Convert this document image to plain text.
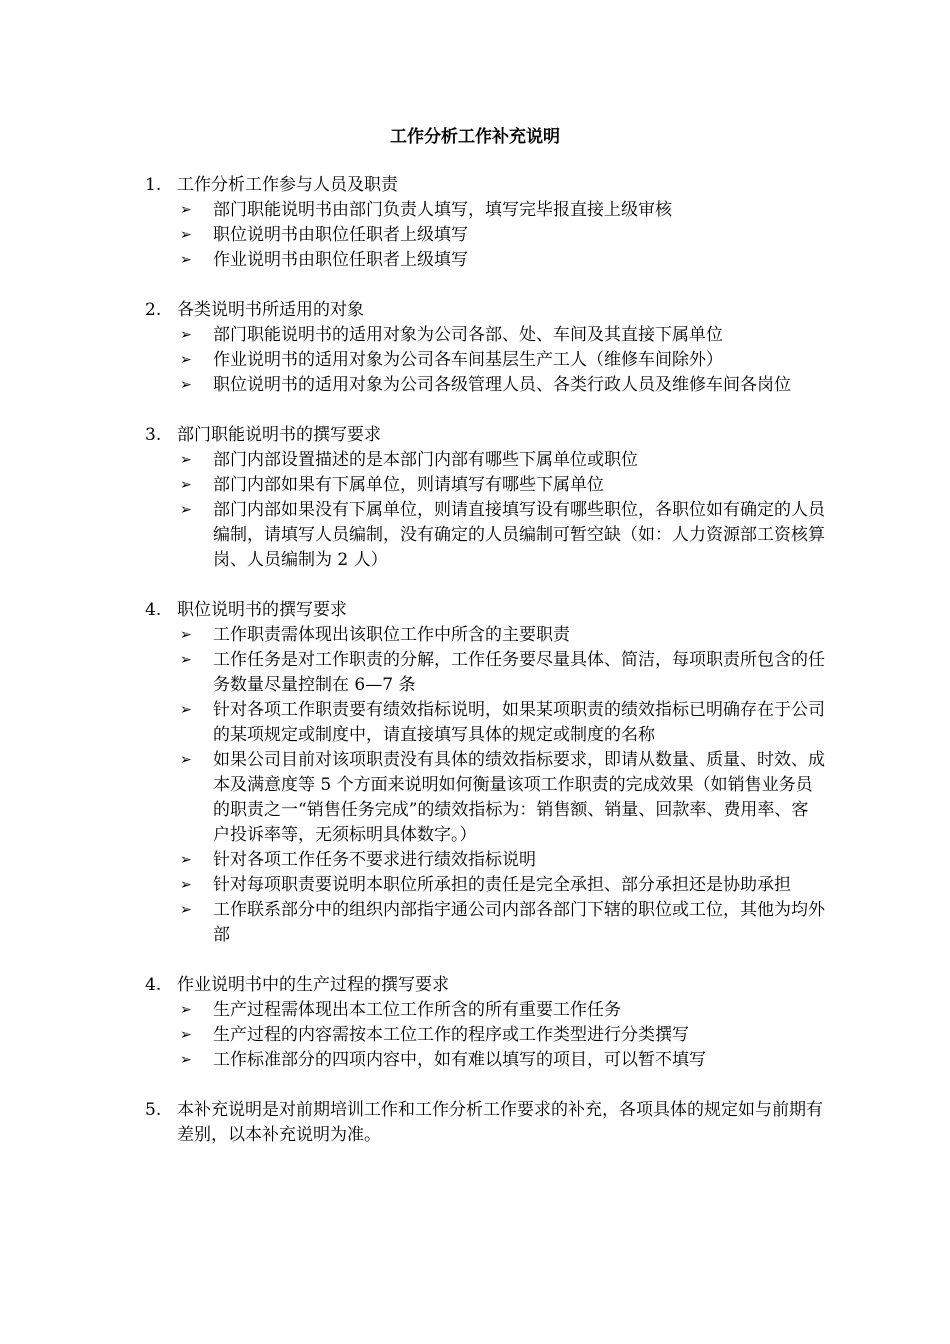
工作分析工作补充说明
1. 工作分析工作参与人员及职责
➢ 部门职能说明书由部门负责人填写，填写完毕报直接上级审核
➢ 职位说明书由职位任职者上级填写
➢ 作业说明书由职位任职者上级填写
2. 各类说明书所适用的对象
➢ 部门职能说明书的适用对象为公司各部、处、车间及其直接下属单位
➢ 作业说明书的适用对象为公司各车间基层生产工人（维修车间除外）
➢ 职位说明书的适用对象为公司各级管理人员、各类行政人员及维修车间各岗位
3. 部门职能说明书的撰写要求
➢ 部门内部设置描述的是本部门内部有哪些下属单位或职位
➢ 部门内部如果有下属单位，则请填写有哪些下属单位
➢ 部门内部如果没有下属单位，则请直接填写设有哪些职位，各职位如有确定的人员编制，请填写人员编制，没有确定的人员编制可暂空缺（如：人力资源部工资核算岗、人员编制为 2 人）
4. 职位说明书的撰写要求
➢ 工作职责需体现出该职位工作中所含的主要职责
➢ 工作任务是对工作职责的分解，工作任务要尽量具体、简洁，每项职责所包含的任务数量尽量控制在 6—7 条
➢ 针对各项工作职责要有绩效指标说明，如果某项职责的绩效指标已明确存在于公司的某项规定或制度中，请直接填写具体的规定或制度的名称
➢ 如果公司目前对该项职责没有具体的绩效指标要求，即请从数量、质量、时效、成本及满意度等 5 个方面来说明如何衡量该项工作职责的完成效果（如销售业务员的职责之一“销售任务完成”的绩效指标为：销售额、销量、回款率、费用率、客户投诉率等，无须标明具体数字。）
➢ 针对各项工作任务不要求进行绩效指标说明
➢ 针对每项职责要说明本职位所承担的责任是完全承担、部分承担还是协助承担
➢ 工作联系部分中的组织内部指宇通公司内部各部门下辖的职位或工位，其他为均外部
4. 作业说明书中的生产过程的撰写要求
➢ 生产过程需体现出本工位工作所含的所有重要工作任务
➢ 生产过程的内容需按本工位工作的程序或工作类型进行分类撰写
➢ 工作标准部分的四项内容中，如有难以填写的项目，可以暂不填写
5. 本补充说明是对前期培训工作和工作分析工作要求的补充，各项具体的规定如与前期有差别，以本补充说明为准。
